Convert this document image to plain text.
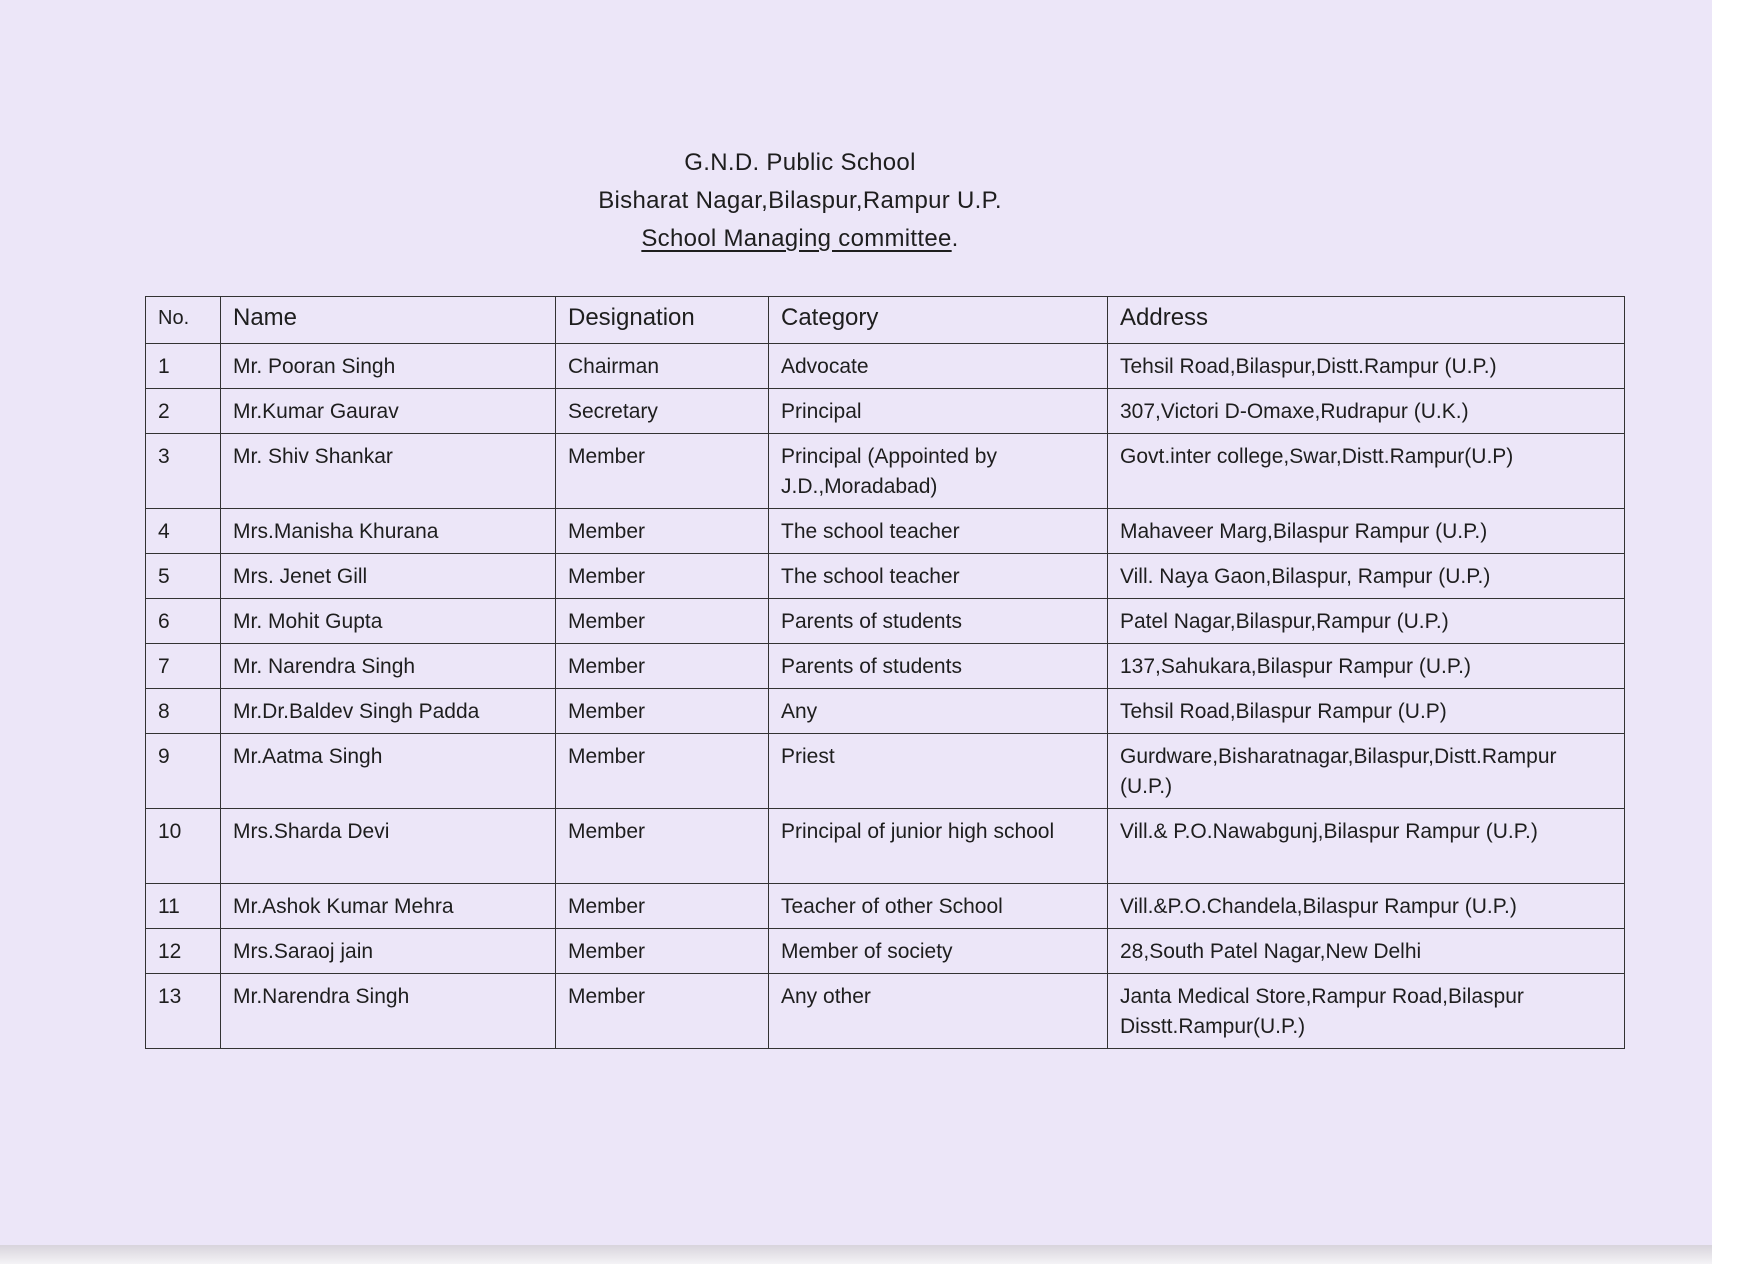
G.N.D. Public School
Bisharat Nagar,Bilaspur,Rampur U.P.
School Managing committee.
No.	Name	Designation	Category	Address
1	Mr. Pooran Singh	Chairman	Advocate	Tehsil Road,Bilaspur,Distt.Rampur (U.P.)
2	Mr.Kumar Gaurav	Secretary	Principal	307,Victori D-Omaxe,Rudrapur (U.K.)
3	Mr. Shiv Shankar	Member	Principal (Appointed by J.D.,Moradabad)	Govt.inter college,Swar,Distt.Rampur(U.P)
4	Mrs.Manisha Khurana	Member	The school teacher	Mahaveer Marg,Bilaspur Rampur (U.P.)
5	Mrs. Jenet Gill	Member	The school teacher	Vill. Naya Gaon,Bilaspur, Rampur (U.P.)
6	Mr. Mohit Gupta	Member	Parents of students	Patel Nagar,Bilaspur,Rampur (U.P.)
7	Mr. Narendra Singh	Member	Parents of students	137,Sahukara,Bilaspur Rampur (U.P.)
8	Mr.Dr.Baldev Singh Padda	Member	Any	Tehsil Road,Bilaspur Rampur (U.P)
9	Mr.Aatma Singh	Member	Priest	Gurdware,Bisharatnagar,Bilaspur,Distt.Rampur (U.P.)
10	Mrs.Sharda Devi	Member	Principal of junior high school	Vill.& P.O.Nawabgunj,Bilaspur Rampur (U.P.)
11	Mr.Ashok Kumar Mehra	Member	Teacher of other School	Vill.&P.O.Chandela,Bilaspur Rampur (U.P.)
12	Mrs.Saraoj jain	Member	Member of society	28,South Patel Nagar,New Delhi
13	Mr.Narendra Singh	Member	Any other	Janta Medical Store,Rampur Road,Bilaspur Disstt.Rampur(U.P.)
